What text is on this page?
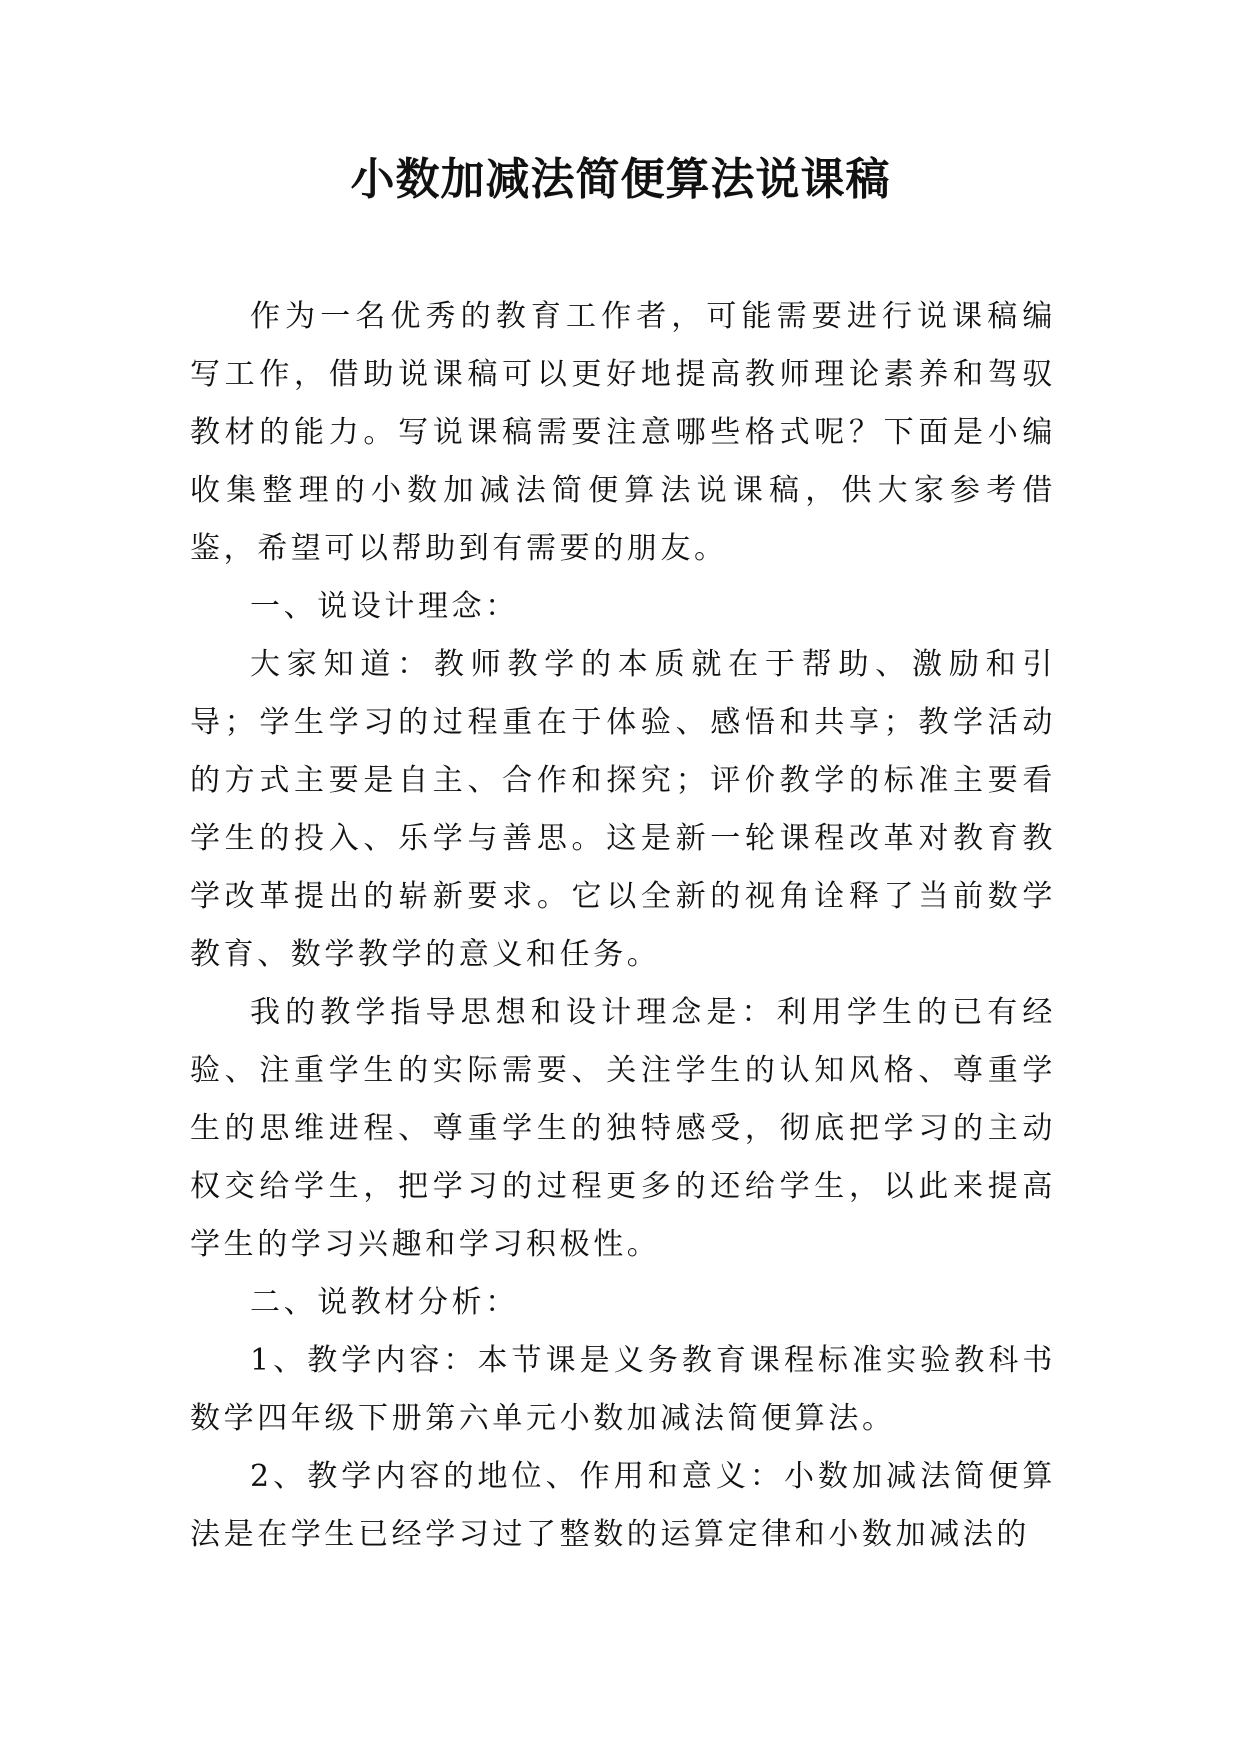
小数加减法简便算法说课稿

作为一名优秀的教育工作者，可能需要进行说课稿编写工作，借助说课稿可以更好地提高教师理论素养和驾驭教材的能力。写说课稿需要注意哪些格式呢？下面是小编收集整理的小数加减法简便算法说课稿，供大家参考借鉴，希望可以帮助到有需要的朋友。

一、说设计理念：

大家知道：教师教学的本质就在于帮助、激励和引导；学生学习的过程重在于体验、感悟和共享；教学活动的方式主要是自主、合作和探究；评价教学的标准主要看学生的投入、乐学与善思。这是新一轮课程改革对教育教学改革提出的崭新要求。它以全新的视角诠释了当前数学教育、数学教学的意义和任务。

我的教学指导思想和设计理念是：利用学生的已有经验、注重学生的实际需要、关注学生的认知风格、尊重学生的思维进程、尊重学生的独特感受，彻底把学习的主动权交给学生，把学习的过程更多的还给学生，以此来提高学生的学习兴趣和学习积极性。

二、说教材分析：

1、教学内容：本节课是义务教育课程标准实验教科书数学四年级下册第六单元小数加减法简便算法。

2、教学内容的地位、作用和意义：小数加减法简便算法是在学生已经学习过了整数的运算定律和小数加减法的
